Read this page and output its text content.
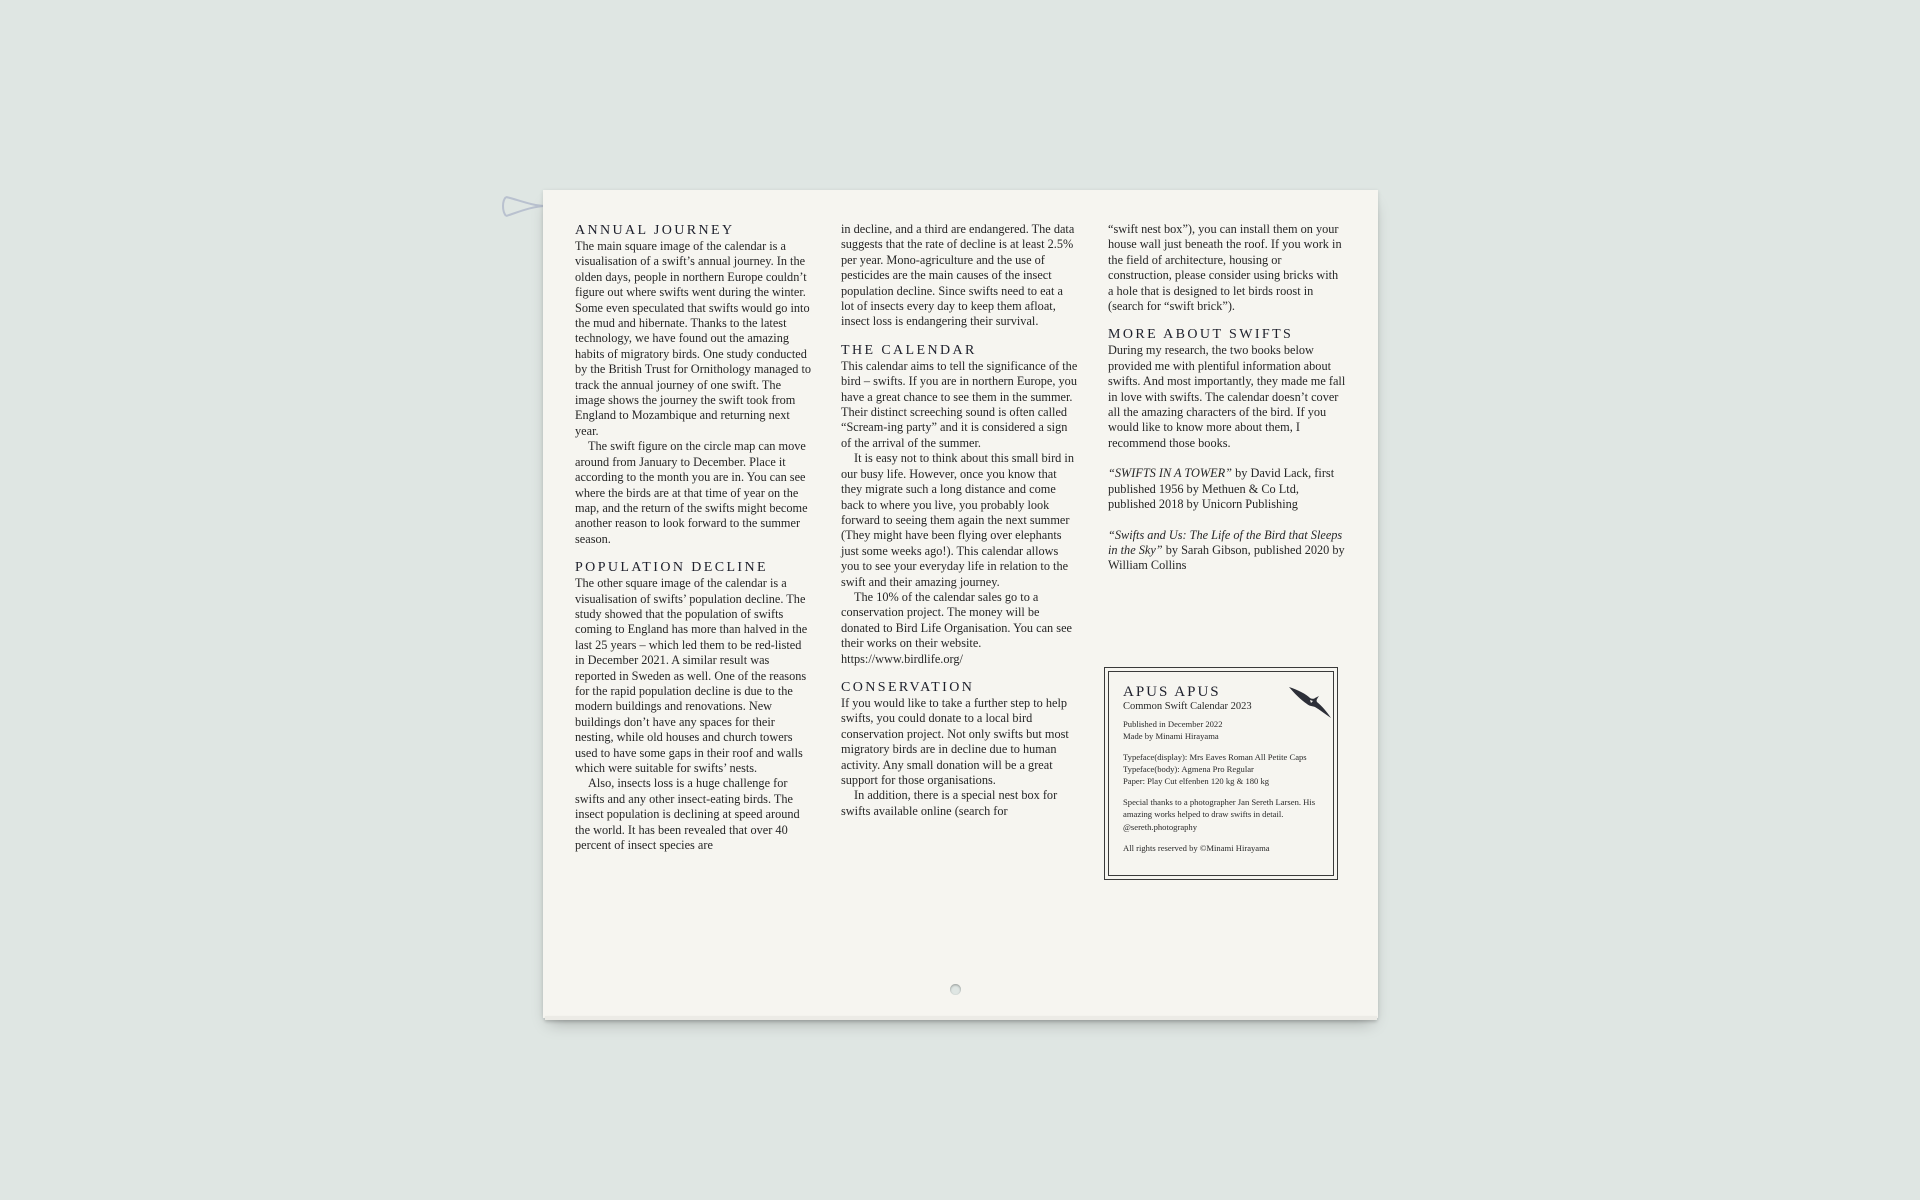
ANNUAL JOURNEY

The main square image of the calendar is a visualisation of a swift’s annual journey. In the olden days, people in northern Europe couldn’t figure out where swifts went during the winter. Some even speculated that swifts would go into the mud and hibernate. Thanks to the latest technology, we have found out the amazing habits of migratory birds. One study conducted by the British Trust for Ornithology managed to track the annual journey of one swift. The image shows the journey the swift took from England to Mozambique and returning next year.

The swift figure on the circle map can move around from January to December. Place it according to the month you are in. You can see where the birds are at that time of year on the map, and the return of the swifts might become another reason to look forward to the summer season.

POPULATION DECLINE

The other square image of the calendar is a visualisation of swifts’ population decline. The study showed that the population of swifts coming to England has more than halved in the last 25 years – which led them to be red-listed in December 2021. A similar result was reported in Sweden as well. One of the reasons for the rapid population decline is due to the modern buildings and renovations. New buildings don’t have any spaces for their nesting, while old houses and church towers used to have some gaps in their roof and walls which were suitable for swifts’ nests.

Also, insects loss is a huge challenge for swifts and any other insect-eating birds. The insect population is declining at speed around the world. It has been revealed that over 40 percent of insect species are

in decline, and a third are endangered. The data suggests that the rate of decline is at least 2.5% per year. Mono-agriculture and the use of pesticides are the main causes of the insect population decline. Since swifts need to eat a lot of insects every day to keep them afloat, insect loss is endangering their survival.

THE CALENDAR

This calendar aims to tell the significance of the bird – swifts. If you are in northern Europe, you have a great chance to see them in the summer. Their distinct screeching sound is often called “Scream-ing party” and it is considered a sign of the arrival of the summer.

It is easy not to think about this small bird in our busy life. However, once you know that they migrate such a long distance and come back to where you live, you probably look forward to seeing them again the next summer (They might have been flying over elephants just some weeks ago!). This calendar allows you to see your everyday life in relation to the swift and their amazing journey.

The 10% of the calendar sales go to a conservation project. The money will be donated to Bird Life Organisation. You can see their works on their website. https://www.birdlife.org/

CONSERVATION

If you would like to take a further step to help swifts, you could donate to a local bird conservation project. Not only swifts but most migratory birds are in decline due to human activity. Any small donation will be a great support for those organisations.

In addition, there is a special nest box for swifts available online (search for

“swift nest box”), you can install them on your house wall just beneath the roof. If you work in the field of architecture, housing or construction, please consider using bricks with a hole that is designed to let birds roost in (search for “swift brick”).

MORE ABOUT SWIFTS

During my research, the two books below provided me with plentiful information about swifts. And most importantly, they made me fall in love with swifts. The calendar doesn’t cover all the amazing characters of the bird. If you would like to know more about them, I recommend those books.

“SWIFTS IN A TOWER” by David Lack, first published 1956 by Methuen & Co Ltd, published 2018 by Unicorn Publishing

“Swifts and Us: The Life of the Bird that Sleeps in the Sky” by Sarah Gibson, published 2020 by William Collins

APUS APUS
Common Swift Calendar 2023
Published in December 2022
Made by Minami Hirayama
Typeface(display): Mrs Eaves Roman All Petite Caps
Typeface(body): Agmena Pro Regular
Paper: Play Cut elfenben 120 kg & 180 kg
Special thanks to a photographer Jan Sereth Larsen. His amazing works helped to draw swifts in detail. @sereth.photography
All rights reserved by ©Minami Hirayama
